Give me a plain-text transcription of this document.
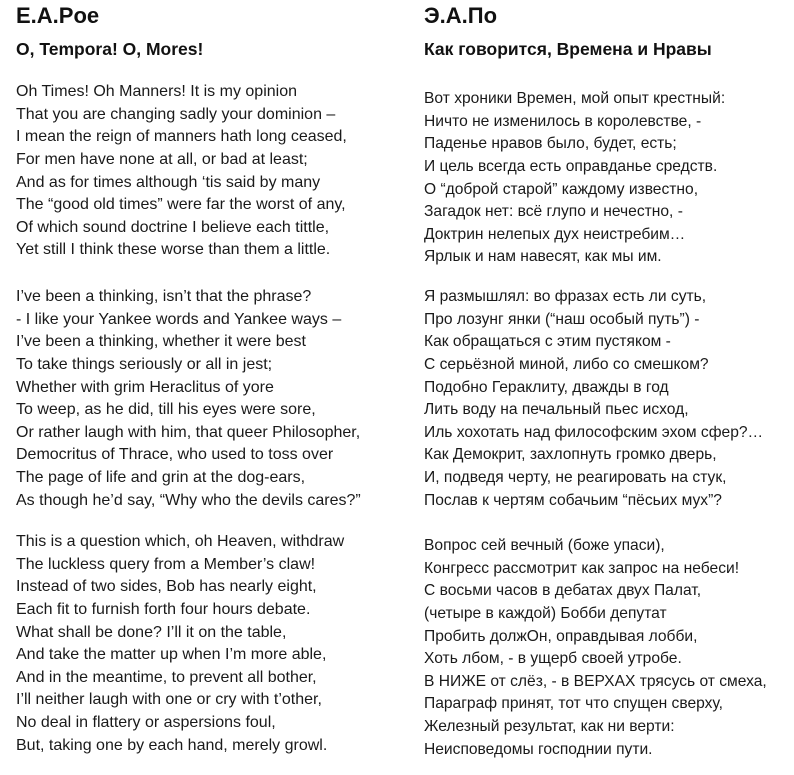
E.A.Poe
O, Tempora! O, Mores!
Oh Times! Oh Manners! It is my opinion
That you are changing sadly your dominion –
I mean the reign of manners hath long ceased,
For men have none at all, or bad at least;
And as for times although ‘tis said by many
The “good old times” were far the worst of any,
Of which sound doctrine I believe each tittle,
Yet still I think these worse than them a little.
I’ve been a thinking, isn’t that the phrase?
- I like your Yankee words and Yankee ways –
I’ve been a thinking, whether it were best
To take things seriously or all in jest;
Whether with grim Heraclitus of yore
To weep, as he did, till his eyes were sore,
Or rather laugh with him, that queer Philosopher,
Democritus of Thrace, who used to toss over
The page of life and grin at the dog-ears,
As though he’d say, “Why who the devils cares?”
This is a question which, oh Heaven, withdraw
The luckless query from a Member’s claw!
Instead of two sides, Bob has nearly eight,
Each fit to furnish forth four hours debate.
What shall be done? I’ll it on the table,
And take the matter up when I’m more able,
And in the meantime, to prevent all bother,
I’ll neither laugh with one or cry with t’other,
No deal in flattery or aspersions foul,
But, taking one by each hand, merely growl.
Э.А.По
Как говорится, Времена и Нравы
Вот хроники Времен, мой опыт крестный:
Ничто не изменилось в королевстве, -
Паденье нравов было, будет, есть;
И цель всегда есть оправданье средств.
О “доброй старой” каждому известно,
Загадок нет: всё глупо и нечестно, -
Доктрин нелепых дух неистребим…
Ярлык и нам навесят, как мы им.
Я размышлял: во фразах есть ли суть,
Про лозунг янки (“наш особый путь”) -
Как обращаться с этим пустяком -
С серьёзной миной, либо со смешком?
Подобно Гераклиту, дважды в год
Лить воду на печальный пьес исход,
Иль хохотать над философским эхом сфер?…
Как Демокрит, захлопнуть громко дверь,
И, подведя черту, не реагировать на стук,
Послав к чертям собачьим “пёсьих мух”?
Вопрос сей вечный (боже упаси),
Конгресс рассмотрит как запрос на небеси!
С восьми часов в дебатах двух Палат,
(четыре в каждой) Бобби депутат
Пробить должОн, оправдывая лобби,
Хоть лбом, - в ущерб своей утробе.
В НИЖЕ от слёз, - в ВЕРХАХ трясусь от смеха,
Параграф принят, тот что спущен сверху,
Железный результат, как ни верти:
Неисповедомы господнии пути.
